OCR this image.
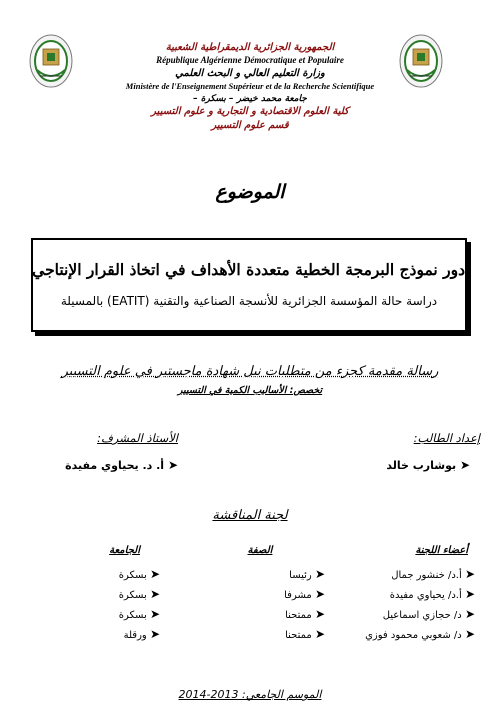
الجمهورية الجزائرية الديمقراطية الشعبية
République Algérienne Démocratique et Populaire
وزارة التعليم العالي و البحث العلمي
Ministère de l'Enseignement Supérieur et de la Recherche Scientifique
جامعة محمد خيضر – بسكرة –
كلية العلوم الاقتصادية و التجارية و علوم التسيير
قسم علوم التسيير
الموضوع
دور نموذج البرمجة الخطية متعددة الأهداف في اتخاذ القرار الإنتاجي
دراسة حالة المؤسسة الجزائرية للأنسجة الصناعية والتقنية (EATIT) بالمسيلة
رسالة مقدمة كجزء من متطلبات نيل شهادة ماجستير في علوم التسيير
تخصص: الأساليب الكمية في التسيير
إعداد الطالب:
الأستاذ المشرف:
➤ بوشارب خالد
➤ أ. د. يحياوي مفيدة
لجنة المناقشة
أعضاء اللجنة
الصفة
الجامعة
➤ أ.د/ خنشور جمال
➤ رئيسا
➤ بسكرة
➤ أ.د/ يحياوي مفيدة
➤ مشرفا
➤ بسكرة
➤ د/ حجازي اسماعيل
➤ ممتحنا
➤ بسكرة
➤ د/ شعوبي محمود فوزي
➤ ممتحنا
➤ ورقلة
الموسم الجامعي: 2013-2014
